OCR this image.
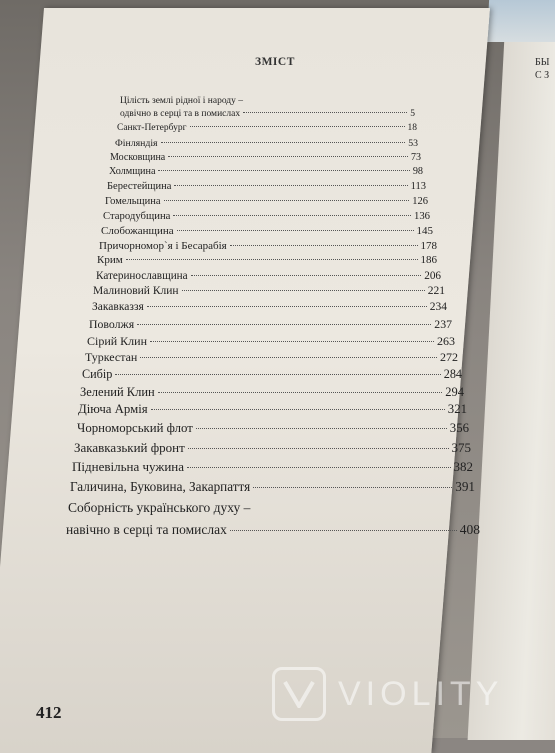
БЫ
С З
ЗМІСТ
Цілість землі рідної і народу –
одвічно в серці та в помислах	5
Санкт-Петербург	18
Фінляндія	53
Московщина	73
Холмщина	98
Берестейщина	113
Гомельщина	126
Стародубщина	136
Слобожанщина	145
Причорномор`я і Бесарабія	178
Крим	186
Катеринославщина	206
Малиновий Клин	221
Закавказзя	234
Поволжя	237
Сірий Клин	263
Туркестан	272
Сибір	284
Зелений Клин	294
Діюча Армія	321
Чорноморський флот	356
Закавказький фронт	375
Підневільна чужина	382
Галичина, Буковина, Закарпаття	391
Соборність українського духу –
навічно в серці та помислах	408
412	VIOLITY
